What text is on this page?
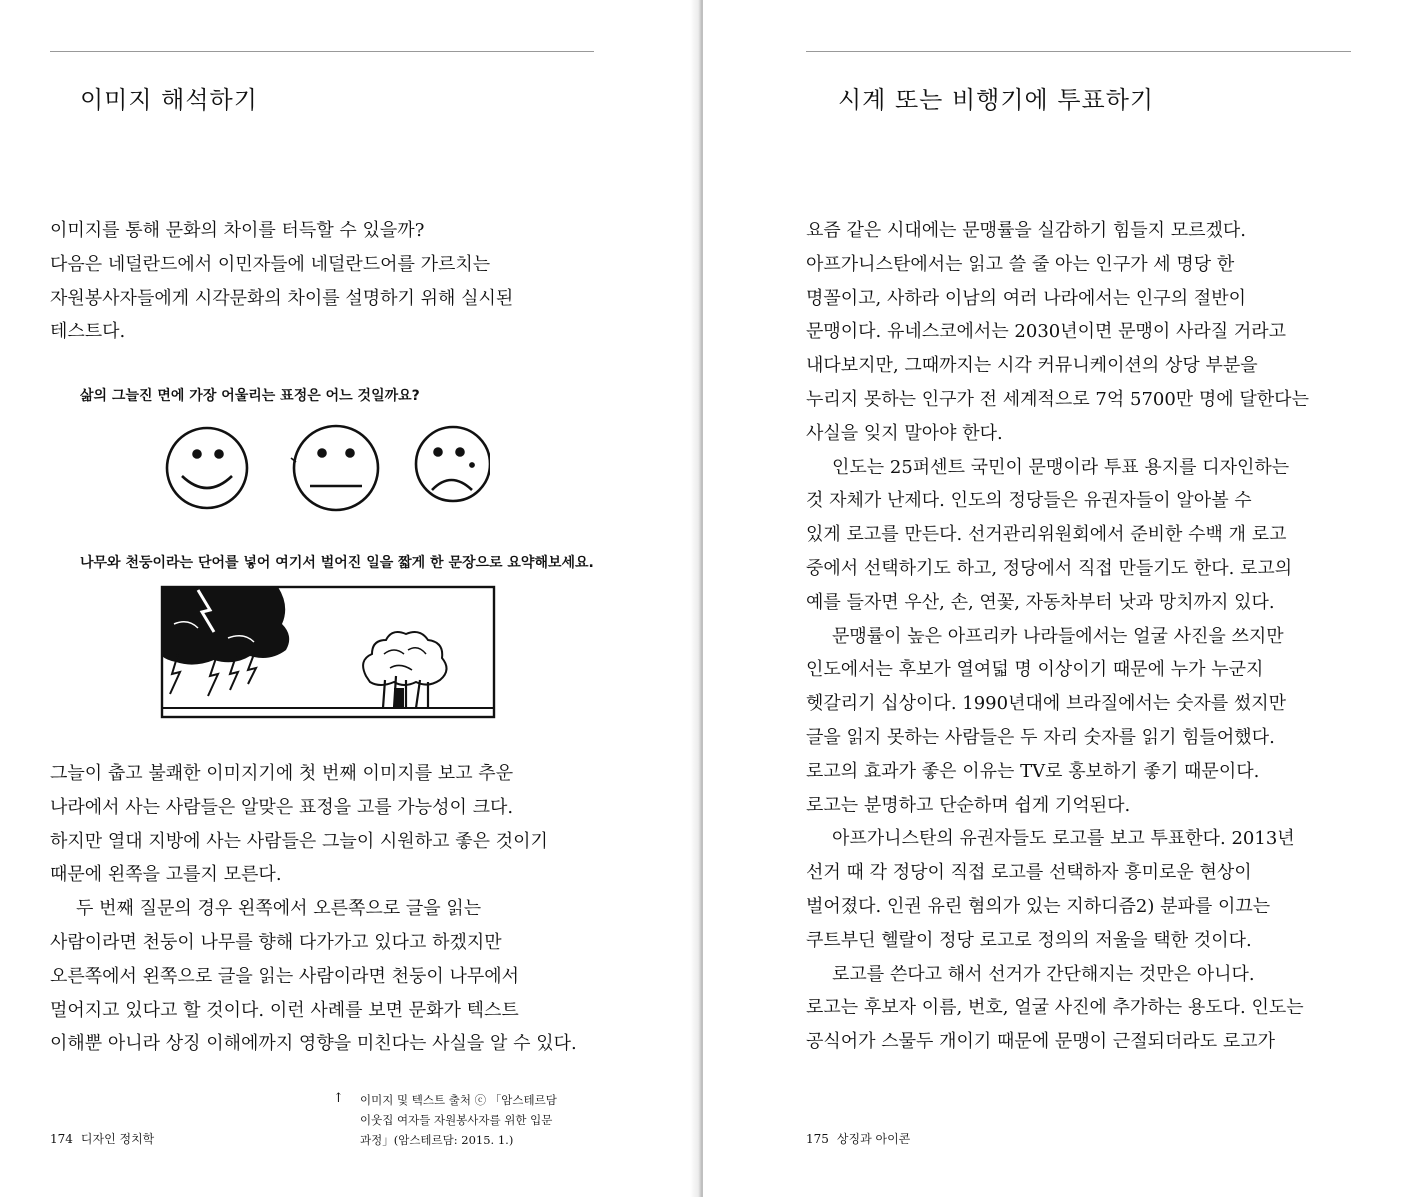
이미지 해석하기
이미지를 통해 문화의 차이를 터득할 수 있을까?
다음은 네덜란드에서 이민자들에 네덜란드어를 가르치는
자원봉사자들에게 시각문화의 차이를 설명하기 위해 실시된
테스트다.

삶의 그늘진 면에 가장 어울리는 표정은 어느 것일까요?

나무와 천둥이라는 단어를 넣어 여기서 벌어진 일을 짧게 한 문장으로 요약해보세요.

그늘이 춥고 불쾌한 이미지기에 첫 번째 이미지를 보고 추운
나라에서 사는 사람들은 알맞은 표정을 고를 가능성이 크다.
하지만 열대 지방에 사는 사람들은 그늘이 시원하고 좋은 것이기
때문에 왼쪽을 고를지 모른다.
두 번째 질문의 경우 왼쪽에서 오른쪽으로 글을 읽는
사람이라면 천둥이 나무를 향해 다가가고 있다고 하겠지만
오른쪽에서 왼쪽으로 글을 읽는 사람이라면 천둥이 나무에서
멀어지고 있다고 할 것이다. 이런 사례를 보면 문화가 텍스트
이해뿐 아니라 상징 이해에까지 영향을 미친다는 사실을 알 수 있다.
↑ 이미지 및 텍스트 출처 ⓒ 「암스테르담
이웃집 여자들 자원봉사자를 위한 입문
과정」(암스테르담: 2015. 1.)
174 디자인 정치학
시계 또는 비행기에 투표하기
요즘 같은 시대에는 문맹률을 실감하기 힘들지 모르겠다.
아프가니스탄에서는 읽고 쓸 줄 아는 인구가 세 명당 한
명꼴이고, 사하라 이남의 여러 나라에서는 인구의 절반이
문맹이다. 유네스코에서는 2030년이면 문맹이 사라질 거라고
내다보지만, 그때까지는 시각 커뮤니케이션의 상당 부분을
누리지 못하는 인구가 전 세계적으로 7억 5700만 명에 달한다는
사실을 잊지 말아야 한다.
인도는 25퍼센트 국민이 문맹이라 투표 용지를 디자인하는
것 자체가 난제다. 인도의 정당들은 유권자들이 알아볼 수
있게 로고를 만든다. 선거관리위원회에서 준비한 수백 개 로고
중에서 선택하기도 하고, 정당에서 직접 만들기도 한다. 로고의
예를 들자면 우산, 손, 연꽃, 자동차부터 낫과 망치까지 있다.
문맹률이 높은 아프리카 나라들에서는 얼굴 사진을 쓰지만
인도에서는 후보가 열여덟 명 이상이기 때문에 누가 누군지
헷갈리기 십상이다. 1990년대에 브라질에서는 숫자를 썼지만
글을 읽지 못하는 사람들은 두 자리 숫자를 읽기 힘들어했다.
로고의 효과가 좋은 이유는 TV로 홍보하기 좋기 때문이다.
로고는 분명하고 단순하며 쉽게 기억된다.
아프가니스탄의 유권자들도 로고를 보고 투표한다. 2013년
선거 때 각 정당이 직접 로고를 선택하자 흥미로운 현상이
벌어졌다. 인권 유린 혐의가 있는 지하디즘2) 분파를 이끄는
쿠트부딘 헬랄이 정당 로고로 정의의 저울을 택한 것이다.
로고를 쓴다고 해서 선거가 간단해지는 것만은 아니다.
로고는 후보자 이름, 번호, 얼굴 사진에 추가하는 용도다. 인도는
공식어가 스물두 개이기 때문에 문맹이 근절되더라도 로고가
175 상징과 아이콘
